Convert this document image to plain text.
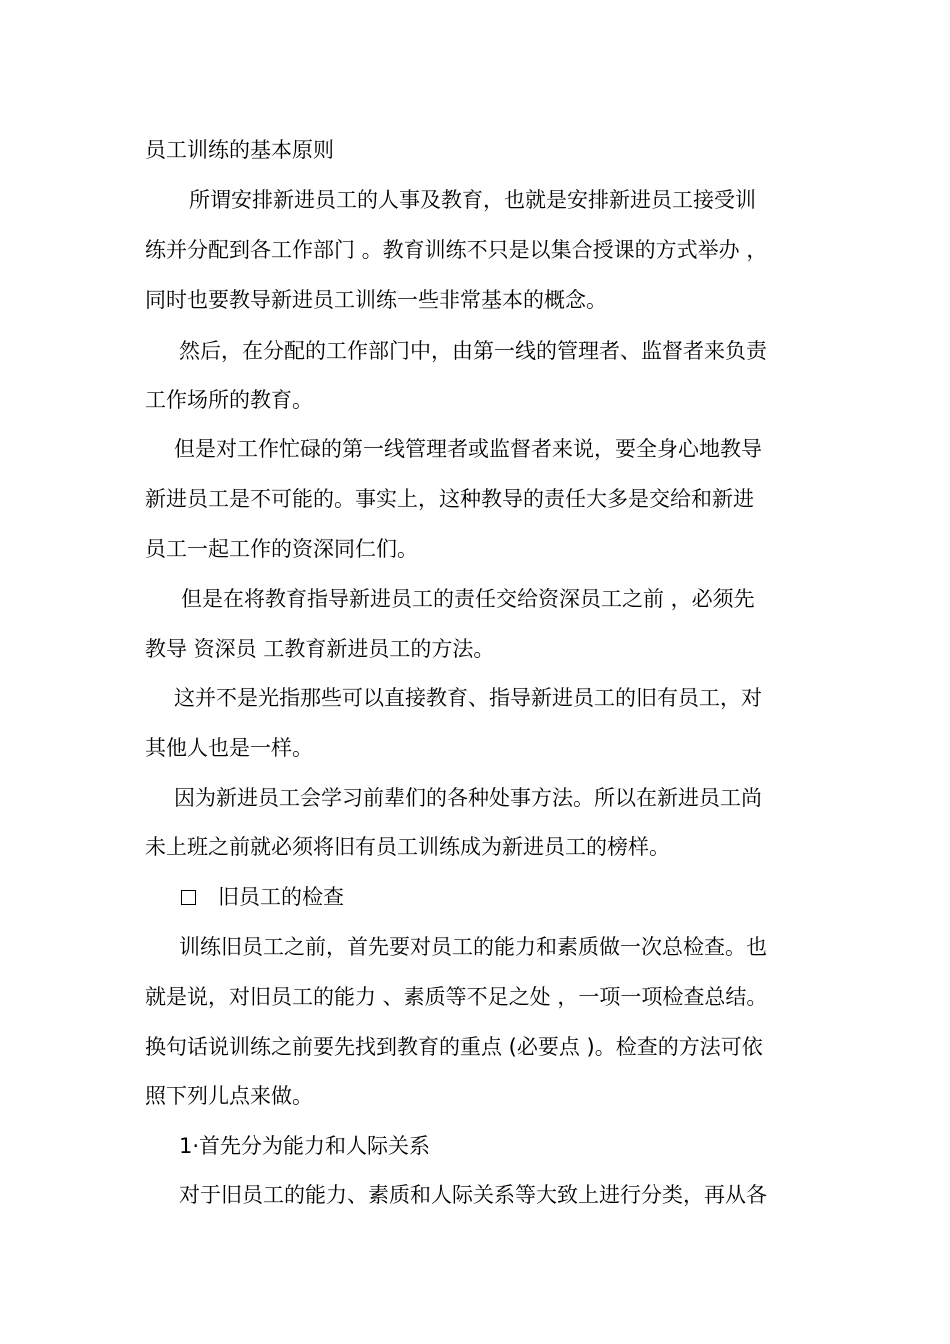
员工训练的基本原则
所谓安排新进员工的人事及教育，也就是安排新进员工接受训
练并分配到各工作部门 。教育训练不只是以集合授课的方式举办 ，
同时也要教导新进员工训练一些非常基本的概念。
然后，在分配的工作部门中，由第一线的管理者、监督者来负责
工作场所的教育。
但是对工作忙碌的第一线管理者或监督者来说，要全身心地教导
新进员工是不可能的。事实上，这种教导的责任大多是交给和新进
员工一起工作的资深同仁们。
但是在将教育指导新进员工的责任交给资深员工之前 ，必须先
教导 资深员 工教育新进员工的方法。
这并不是光指那些可以直接教育、指导新进员工的旧有员工，对
其他人也是一样。
因为新进员工会学习前辈们的各种处事方法。所以在新进员工尚
未上班之前就必须将旧有员工训练成为新进员工的榜样。
旧员工的检查
训练旧员工之前，首先要对员工的能力和素质做一次总检查。也
就是说，对旧员工的能力 、素质等不足之处 ，一项一项检查总结。
换句话说训练之前要先找到教育的重点 (必要点 )。检查的方法可依
照下列儿点来做。
1·首先分为能力和人际关系
对于旧员工的能力、素质和人际关系等大致上进行分类，再从各
